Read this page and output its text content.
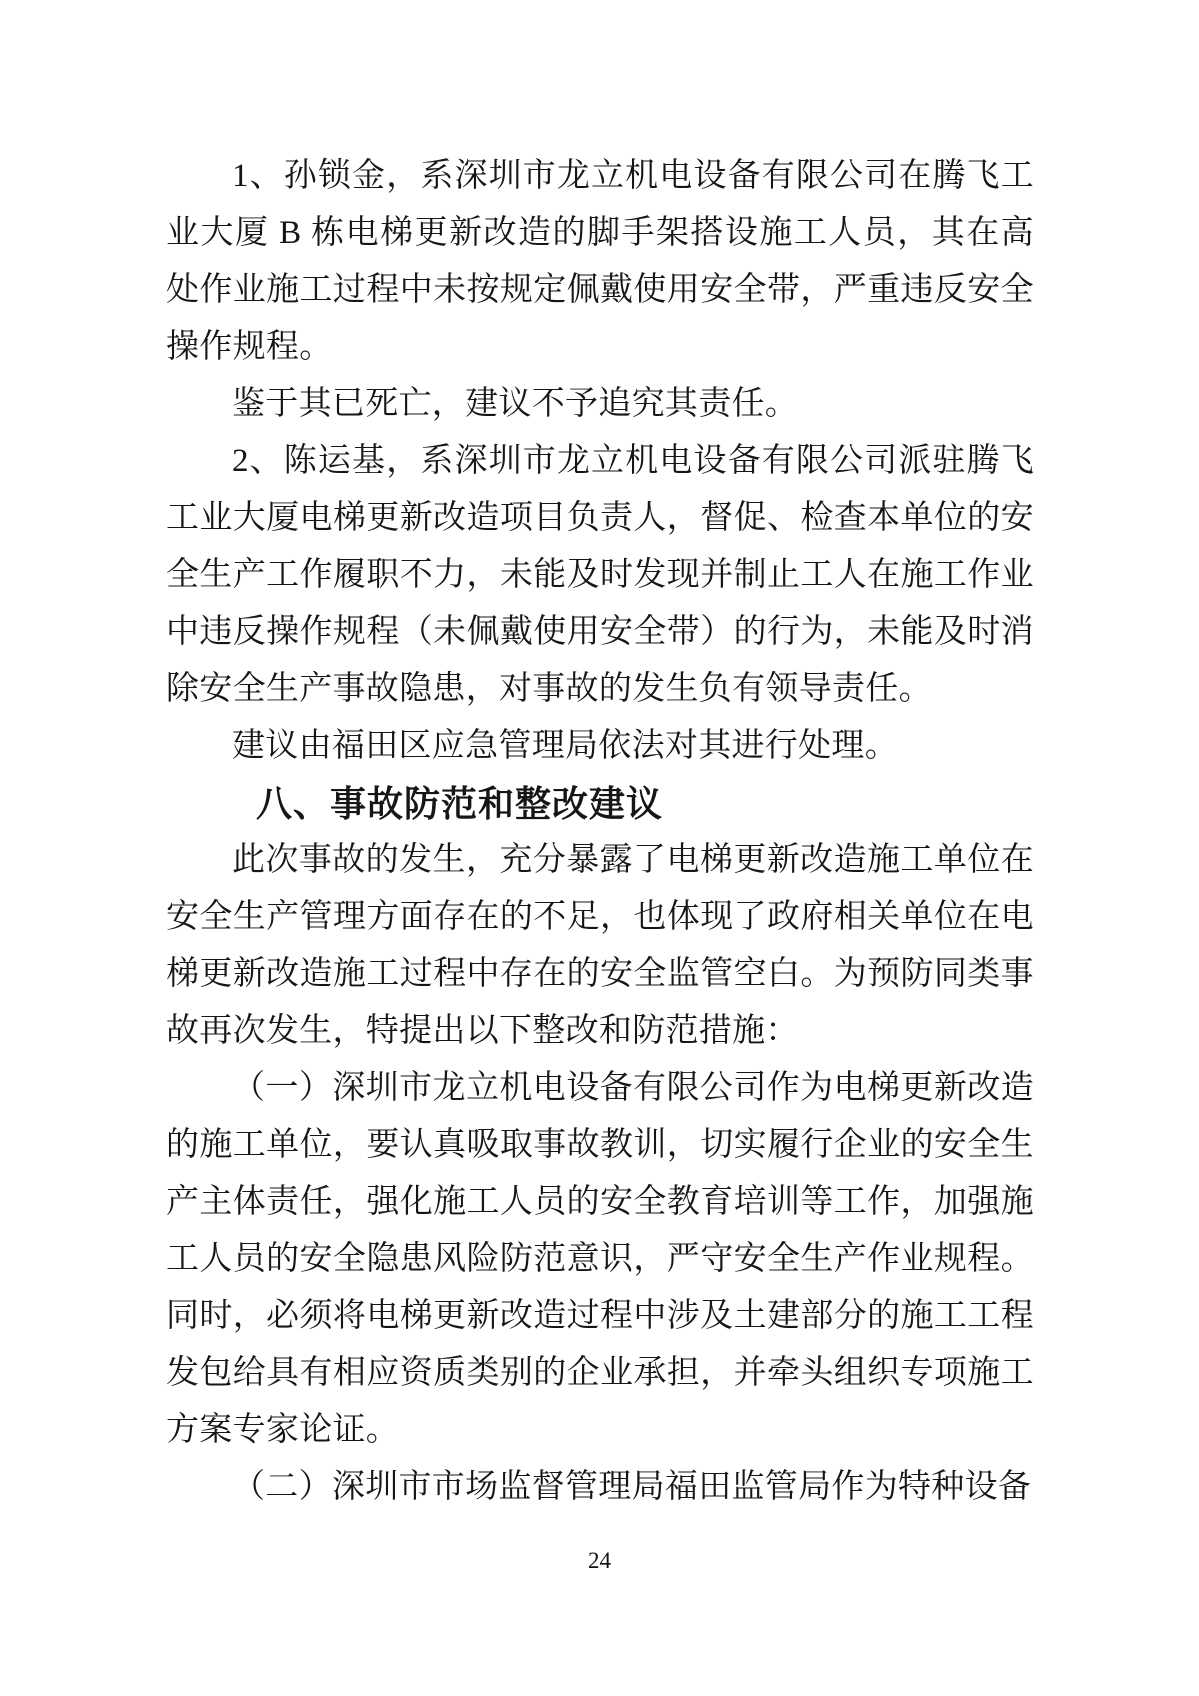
1、孙锁金，系深圳市龙立机电设备有限公司在腾飞工业大厦 B 栋电梯更新改造的脚手架搭设施工人员，其在高处作业施工过程中未按规定佩戴使用安全带，严重违反安全操作规程。

鉴于其已死亡，建议不予追究其责任。

2、陈运基，系深圳市龙立机电设备有限公司派驻腾飞工业大厦电梯更新改造项目负责人，督促、检查本单位的安全生产工作履职不力，未能及时发现并制止工人在施工作业中违反操作规程（未佩戴使用安全带）的行为，未能及时消除安全生产事故隐患，对事故的发生负有领导责任。

建议由福田区应急管理局依法对其进行处理。

八、事故防范和整改建议

此次事故的发生，充分暴露了电梯更新改造施工单位在安全生产管理方面存在的不足，也体现了政府相关单位在电梯更新改造施工过程中存在的安全监管空白。为预防同类事故再次发生，特提出以下整改和防范措施：

（一）深圳市龙立机电设备有限公司作为电梯更新改造的施工单位，要认真吸取事故教训，切实履行企业的安全生产主体责任，强化施工人员的安全教育培训等工作，加强施工人员的安全隐患风险防范意识，严守安全生产作业规程。同时，必须将电梯更新改造过程中涉及土建部分的施工工程发包给具有相应资质类别的企业承担，并牵头组织专项施工方案专家论证。

（二）深圳市市场监督管理局福田监管局作为特种设备

24
